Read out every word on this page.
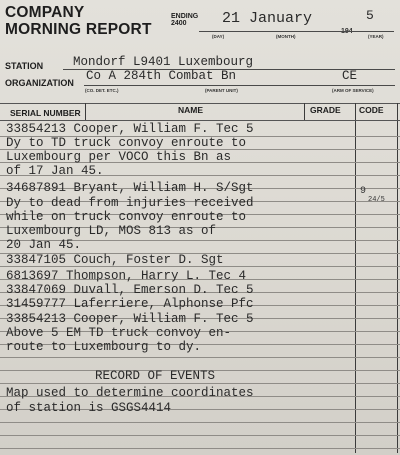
COMPANY
MORNING REPORT
ENDING
2400	21 January	5
(DAY)	(MONTH)	(YEAR)
STATION Mondorf L9401 Luxembourg
ORGANIZATION Co A 284th Combat Bn	CE
(CO. DET. ETC.)	(PARENT UNIT)	(ARM OF SERVICE)
SERIAL NUMBER	NAME	GRADE CODE
33854213 Cooper, William F. Tec 5
Dy to TD truck convoy enroute to
Luxembourg per VOCO this Bn as
of 17 Jan 45.
34687891 Bryant, William H. S/Sgt	9
24/5
Dy to dead from injuries received
while on truck convoy enroute to
Luxembourg LD, MOS 813 as of
20 Jan 45.
33847105 Couch, Foster D. Sgt
6813697 Thompson, Harry L. Tec 4
33847069 Duvall, Emerson D. Tec 5
31459777 Laferriere, Alphonse Pfc
33854213 Cooper, William F. Tec 5
Above 5 EM TD truck convoy en-
route to Luxembourg to dy.
RECORD OF EVENTS
Map used to determine coordinates
of station is GSGS4414
